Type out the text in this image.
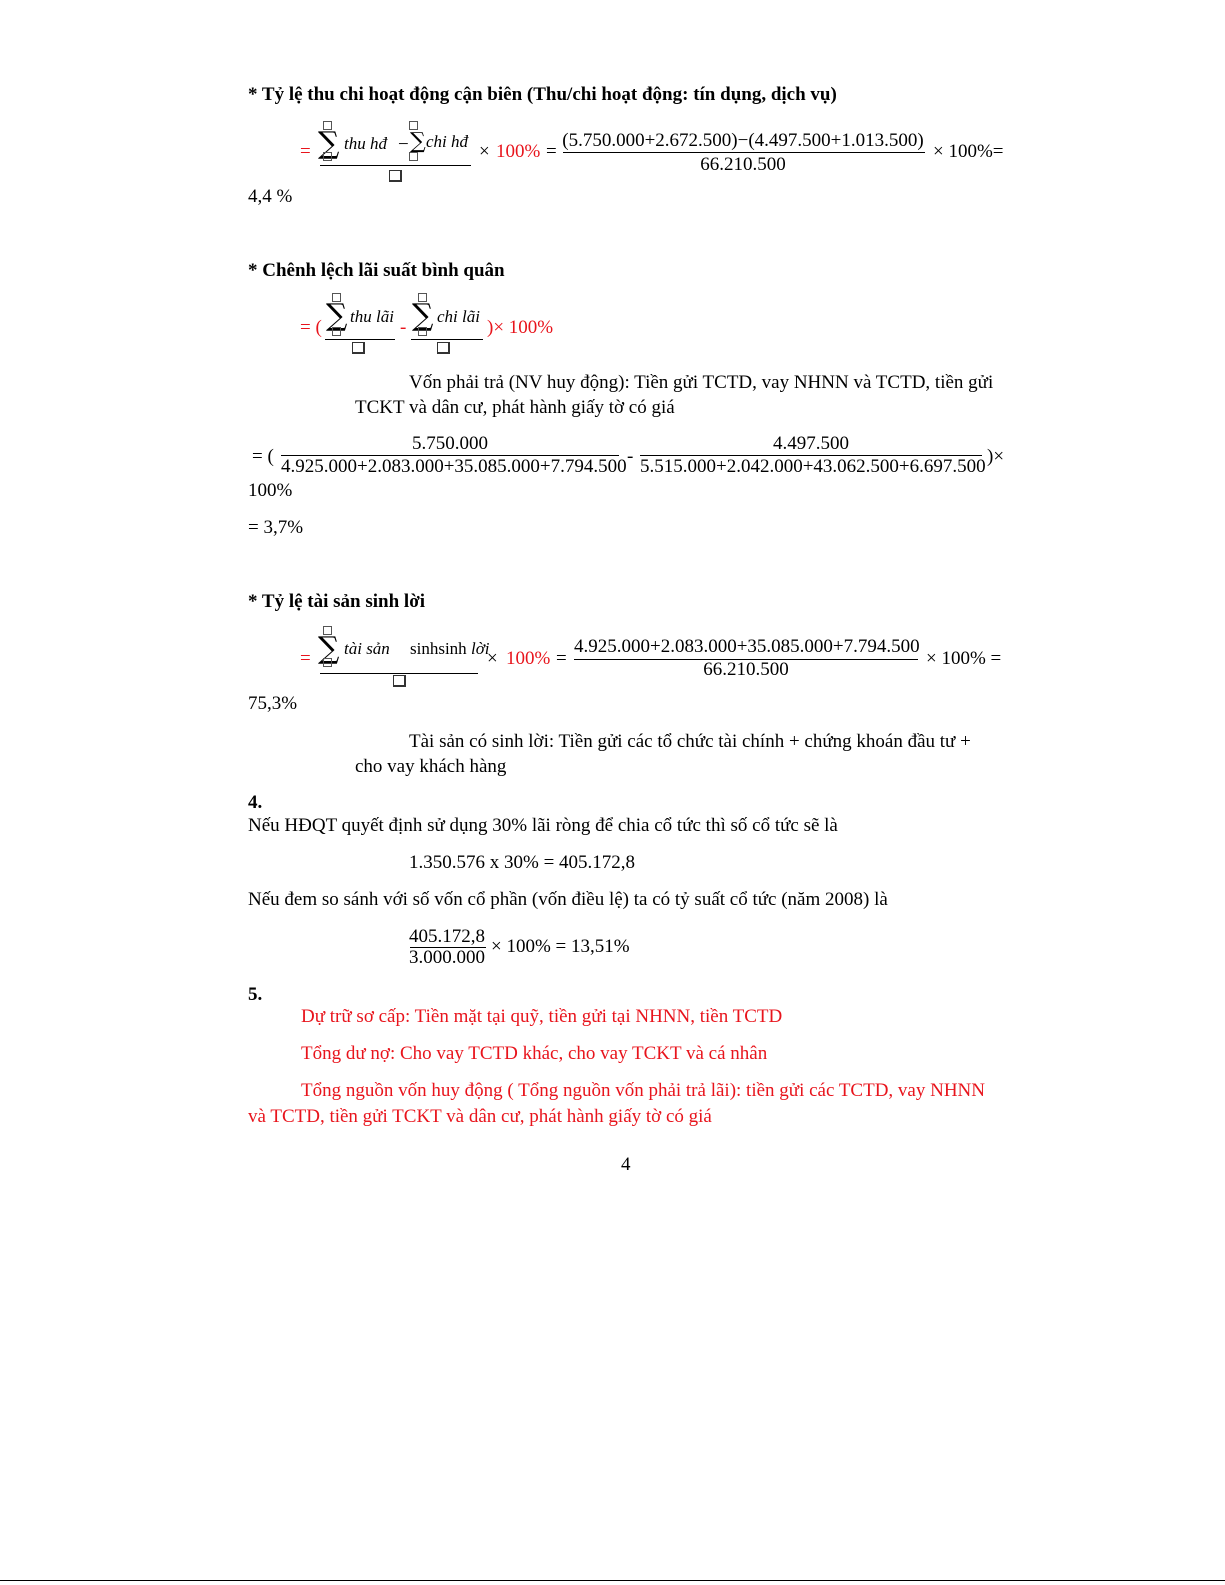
* Tỷ lệ thu chi hoạt động cận biên (Thu/chi hoạt động: tín dụng, dịch vụ)
= ∑ thu hđ − ∑ chi hđ × 100% =
(5.750.000+2.672.500)−(4.497.500+1.013.500)
66.210.500
× 100%=
4,4 %
* Chênh lệch lãi suất bình quân
= ( ∑ thu lãi
- ∑ chi lãi
)× 100%
Vốn phải trả (NV huy động): Tiền gửi TCTD, vay NHNN và TCTD, tiền gửi
TCKT và dân cư, phát hành giấy tờ có giá
= (
5.750.000
4.925.000+2.083.000+35.085.000+7.794.500 -
4.497.500
5.515.000+2.042.000+43.062.500+6.697.500 )×
100%
= 3,7%
* Tỷ lệ tài sản sinh lời
= ∑ tài sản sinhsinh lời
× 100% =
4.925.000+2.083.000+35.085.000+7.794.500
66.210.500
× 100% =
75,3%
Tài sản có sinh lời: Tiền gửi các tổ chức tài chính + chứng khoán đầu tư +
cho vay khách hàng
4.
Nếu HĐQT quyết định sử dụng 30% lãi ròng để chia cổ tức thì số cổ tức sẽ là
1.350.576 x 30% = 405.172,8
Nếu đem so sánh với số vốn cổ phần (vốn điều lệ) ta có tỷ suất cổ tức (năm 2008) là
405.172,8
3.000.000
× 100% = 13,51%
5.
Dự trữ sơ cấp: Tiền mặt tại quỹ, tiền gửi tại NHNN, tiền TCTD
Tổng dư nợ: Cho vay TCTD khác, cho vay TCKT và cá nhân
Tổng nguồn vốn huy động ( Tổng nguồn vốn phải trả lãi): tiền gửi các TCTD, vay NHNN
và TCTD, tiền gửi TCKT và dân cư, phát hành giấy tờ có giá
4
